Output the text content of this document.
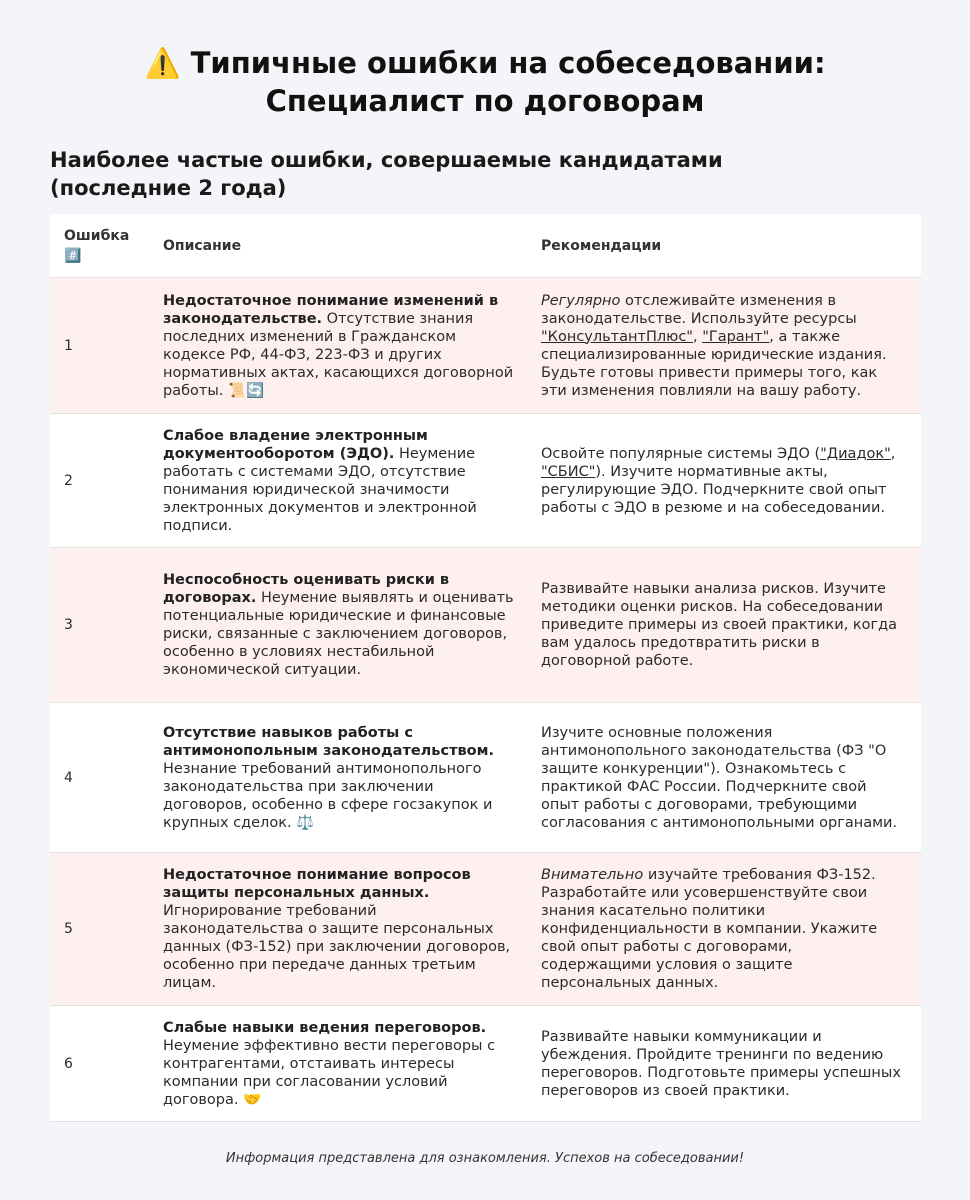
⚠️ Типичные ошибки на собеседовании:
Специалист по договорам
Наиболее частые ошибки, совершаемые кандидатами (последние 2 года)
Ошибка #️⃣
Описание	Рекомендации
1
Недостаточное понимание изменений в законодательстве. Отсутствие знания последних изменений в Гражданском кодексе РФ, 44-ФЗ, 223-ФЗ и других нормативных актах, касающихся договорной работы. 📜🔄
Регулярно отслеживайте изменения в законодательстве. Используйте ресурсы "КонсультантПлюс", "Гарант", а также специализированные юридические издания. Будьте готовы привести примеры того, как эти изменения повлияли на вашу работу.
2
Слабое владение электронным документооборотом (ЭДО). Неумение работать с системами ЭДО, отсутствие понимания юридической значимости электронных документов и электронной подписи.
Освойте популярные системы ЭДО ("Диадок", "СБИС"). Изучите нормативные акты, регулирующие ЭДО. Подчеркните свой опыт работы с ЭДО в резюме и на собеседовании.
3
Неспособность оценивать риски в договорах. Неумение выявлять и оценивать потенциальные юридические и финансовые риски, связанные с заключением договоров, особенно в условиях нестабильной экономической ситуации.
Развивайте навыки анализа рисков. Изучите методики оценки рисков. На собеседовании приведите примеры из своей практики, когда вам удалось предотвратить риски в договорной работе.
4
Отсутствие навыков работы с антимонопольным законодательством. Незнание требований антимонопольного законодательства при заключении договоров, особенно в сфере госзакупок и крупных сделок. ⚖️
Изучите основные положения антимонопольного законодательства (ФЗ "О защите конкуренции"). Ознакомьтесь с практикой ФАС России. Подчеркните свой опыт работы с договорами, требующими согласования с антимонопольными органами.
5
Недостаточное понимание вопросов защиты персональных данных. Игнорирование требований законодательства о защите персональных данных (ФЗ-152) при заключении договоров, особенно при передаче данных третьим лицам.
Внимательно изучайте требования ФЗ-152. Разработайте или усовершенствуйте свои знания касательно политики конфиденциальности в компании. Укажите свой опыт работы с договорами, содержащими условия о защите персональных данных.
6
Слабые навыки ведения переговоров. Неумение эффективно вести переговоры с контрагентами, отстаивать интересы компании при согласовании условий договора. 🤝
Развивайте навыки коммуникации и убеждения. Пройдите тренинги по ведению переговоров. Подготовьте примеры успешных переговоров из своей практики.
Информация представлена для ознакомления. Успехов на собеседовании!
